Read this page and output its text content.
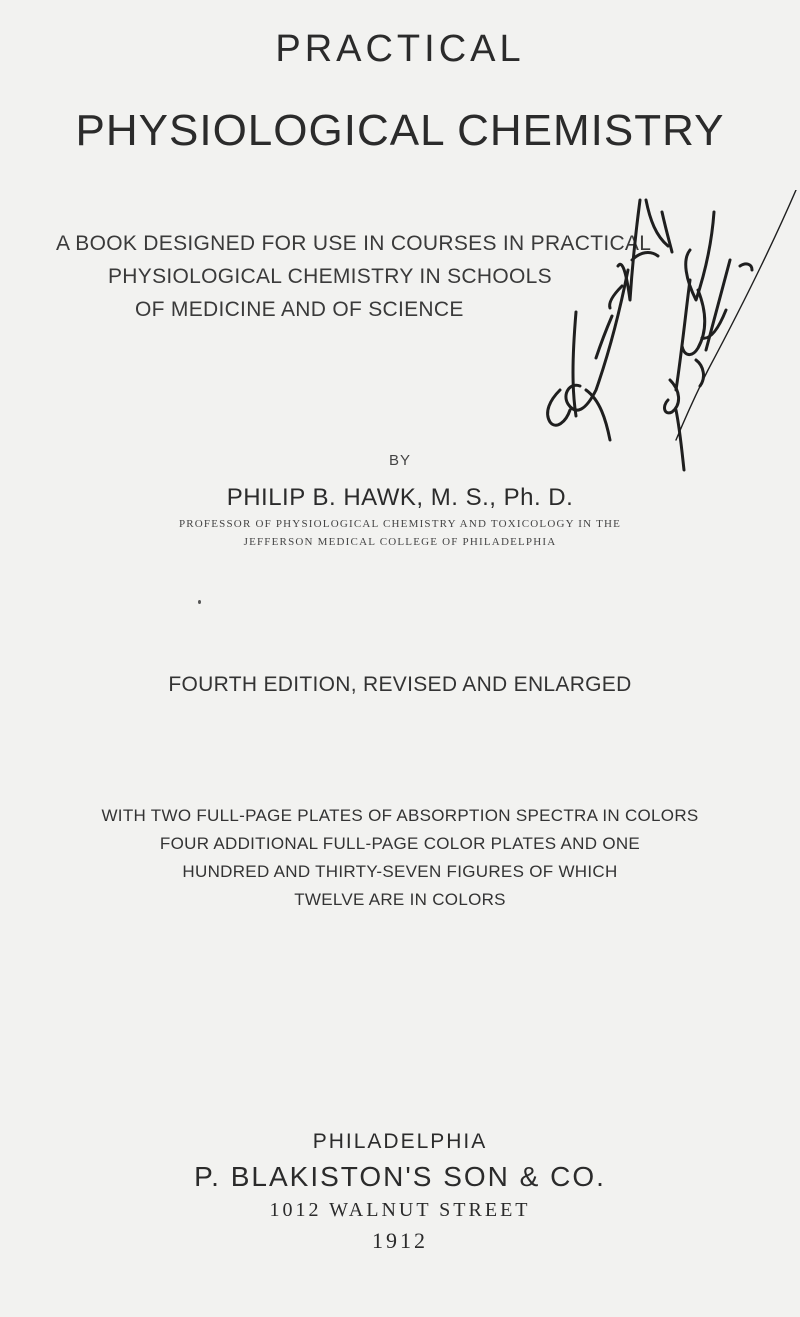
PRACTICAL
PHYSIOLOGICAL CHEMISTRY
A BOOK DESIGNED FOR USE IN COURSES IN PRACTICAL
PHYSIOLOGICAL CHEMISTRY IN SCHOOLS
OF MEDICINE AND OF SCIENCE
BY
PHILIP B. HAWK, M. S., Ph. D.
PROFESSOR OF PHYSIOLOGICAL CHEMISTRY AND TOXICOLOGY IN THE
JEFFERSON MEDICAL COLLEGE OF PHILADELPHIA
FOURTH EDITION, REVISED AND ENLARGED
WITH TWO FULL-PAGE PLATES OF ABSORPTION SPECTRA IN COLORS
FOUR ADDITIONAL FULL-PAGE COLOR PLATES AND ONE
HUNDRED AND THIRTY-SEVEN FIGURES OF WHICH
TWELVE ARE IN COLORS
PHILADELPHIA
P. BLAKISTON'S SON & CO.
1012 WALNUT STREET
1912
